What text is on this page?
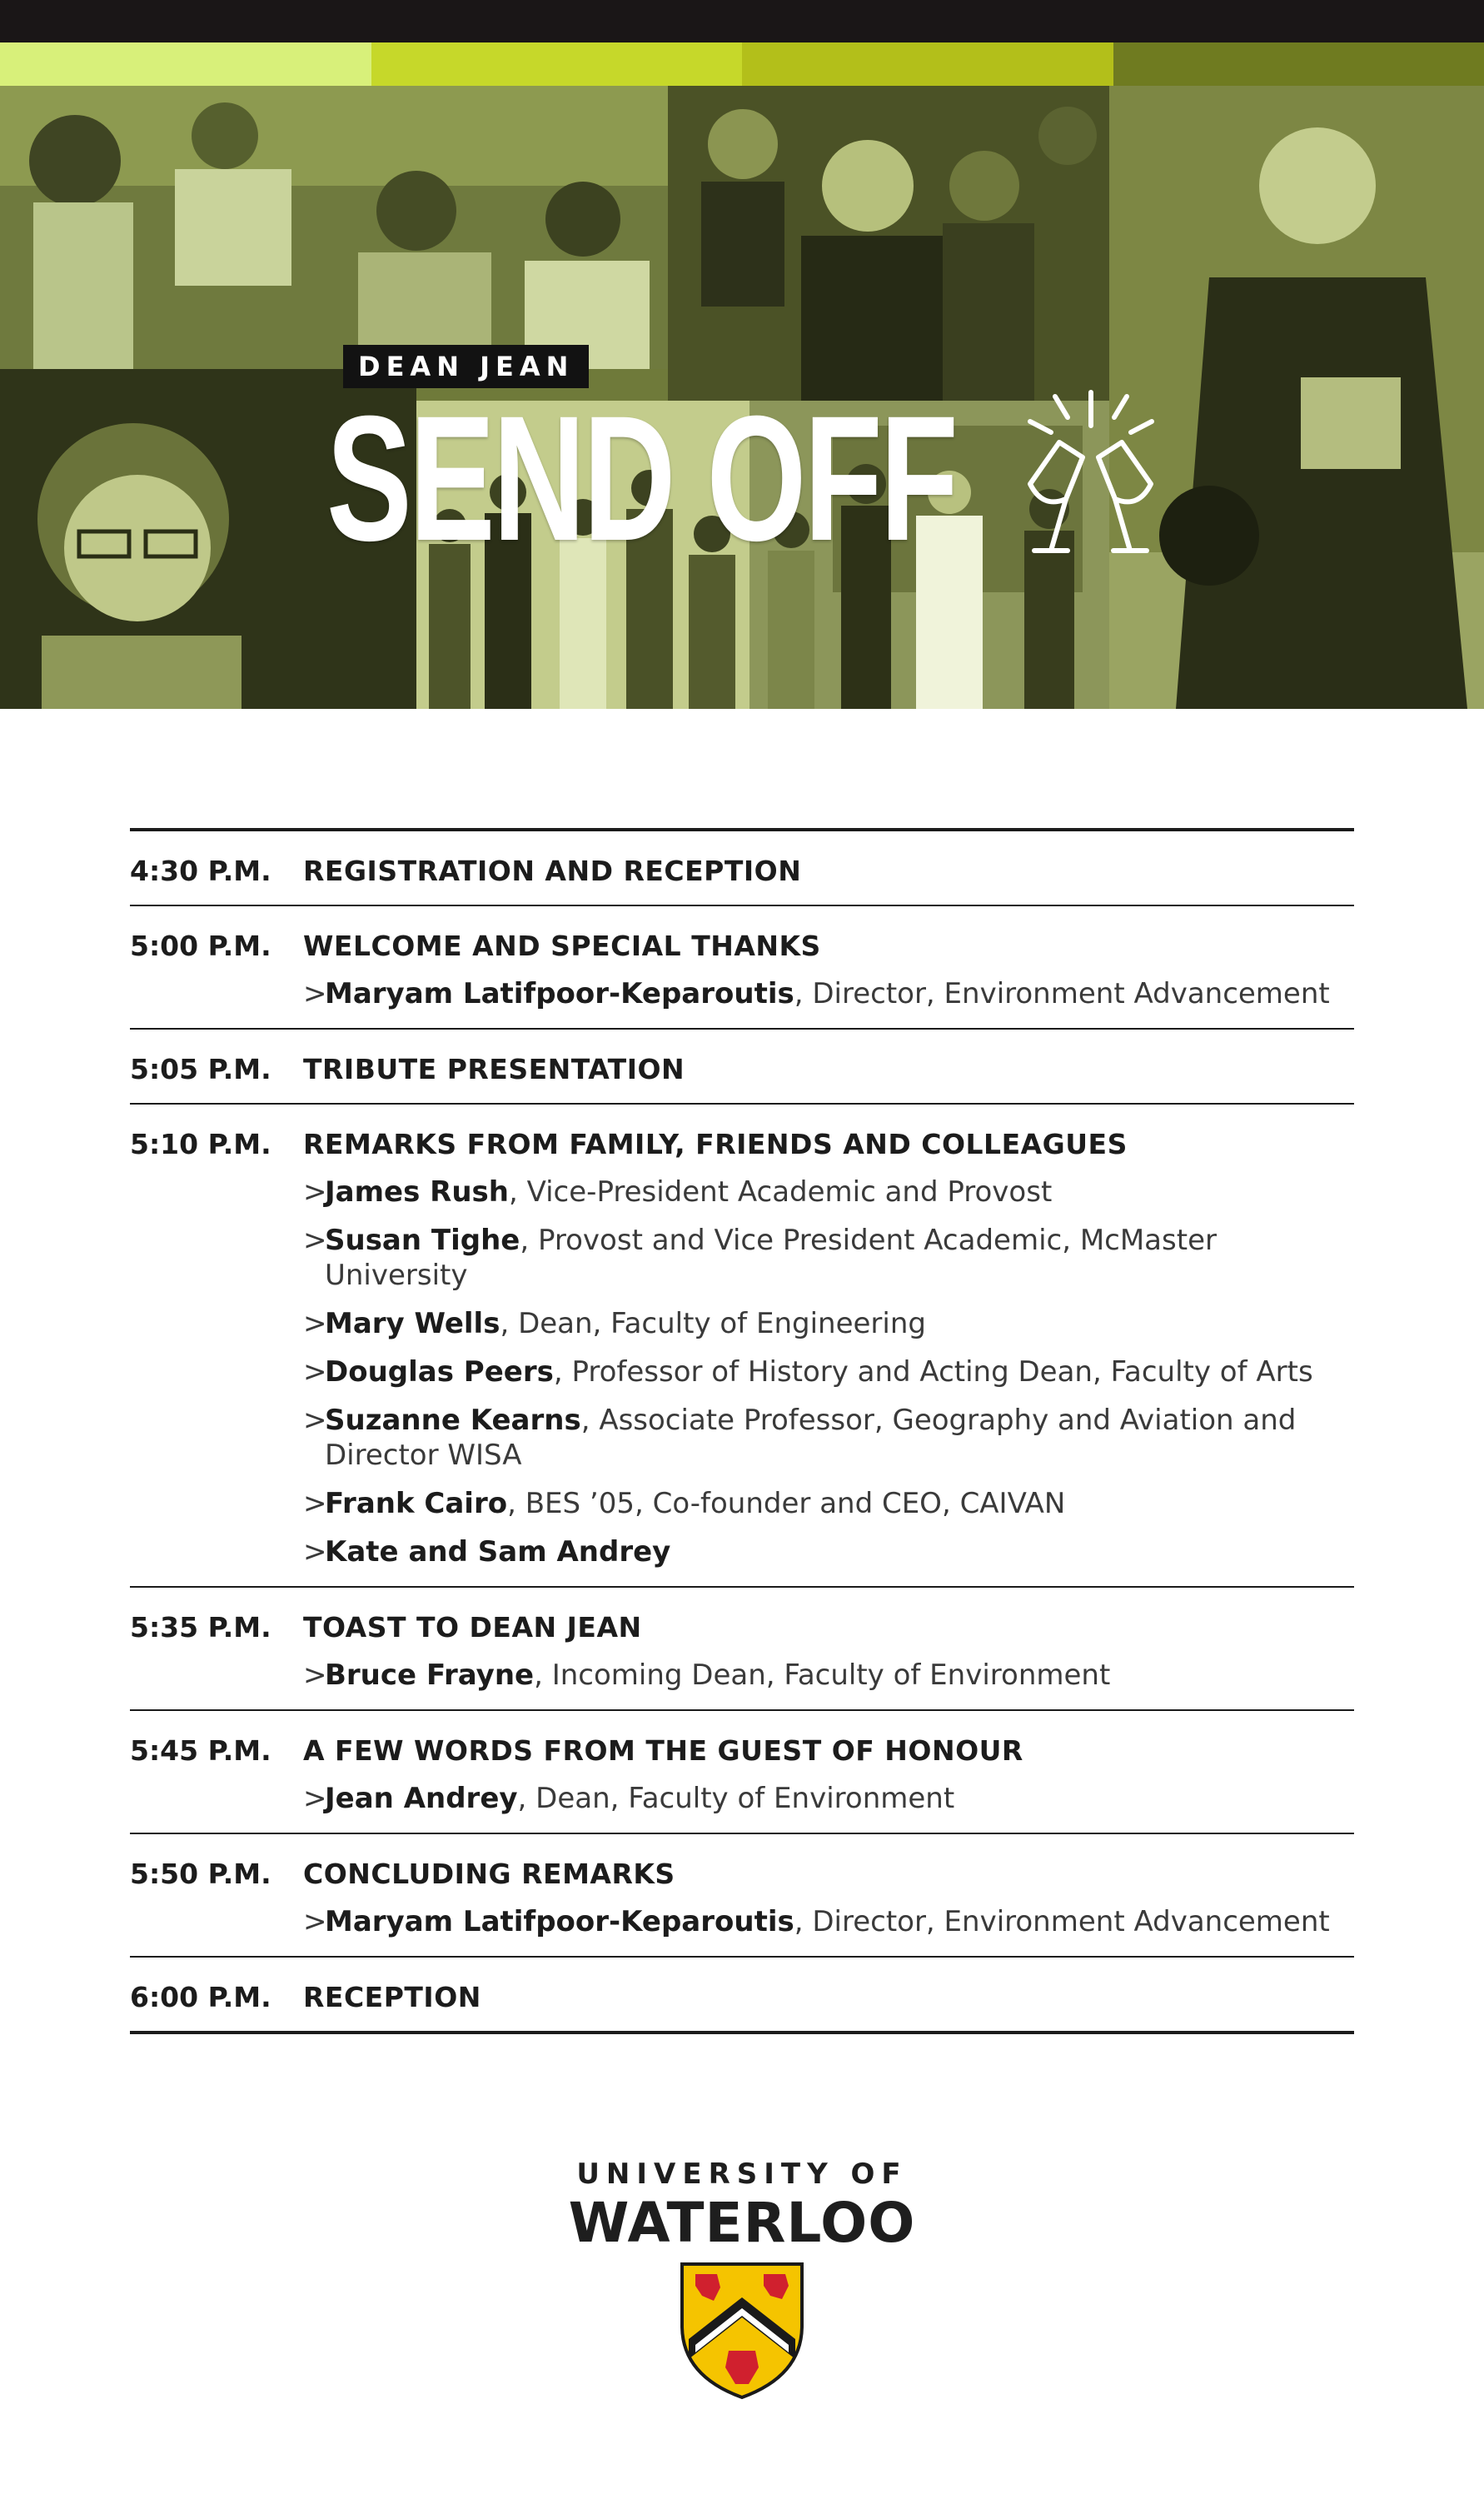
DEAN JEAN
SEND OFF
4:30 P.M.	REGISTRATION AND RECEPTION
5:00 P.M.	WELCOME AND SPECIAL THANKS
>
Maryam Latifpoor-Keparoutis, Director, Environment Advancement
5:05 P.M.	TRIBUTE PRESENTATION
5:10 P.M.	REMARKS FROM FAMILY, FRIENDS AND COLLEAGUES
>
James Rush, Vice-President Academic and Provost
>
Susan Tighe, Provost and Vice President Academic, McMaster University
>
Mary Wells, Dean, Faculty of Engineering
>
Douglas Peers, Professor of History and Acting Dean, Faculty of Arts
>
Suzanne Kearns, Associate Professor, Geography and Aviation and Director WISA
>
Frank Cairo, BES ’05, Co-founder and CEO, CAIVAN
>
Kate and Sam Andrey
5:35 P.M.	TOAST TO DEAN JEAN
>
Bruce Frayne, Incoming Dean, Faculty of Environment
5:45 P.M.	A FEW WORDS FROM THE GUEST OF HONOUR
>
Jean Andrey, Dean, Faculty of Environment
5:50 P.M.	CONCLUDING REMARKS
>
Maryam Latifpoor-Keparoutis, Director, Environment Advancement
6:00 P.M.	RECEPTION
UNIVERSITY OF
WATERLOO
